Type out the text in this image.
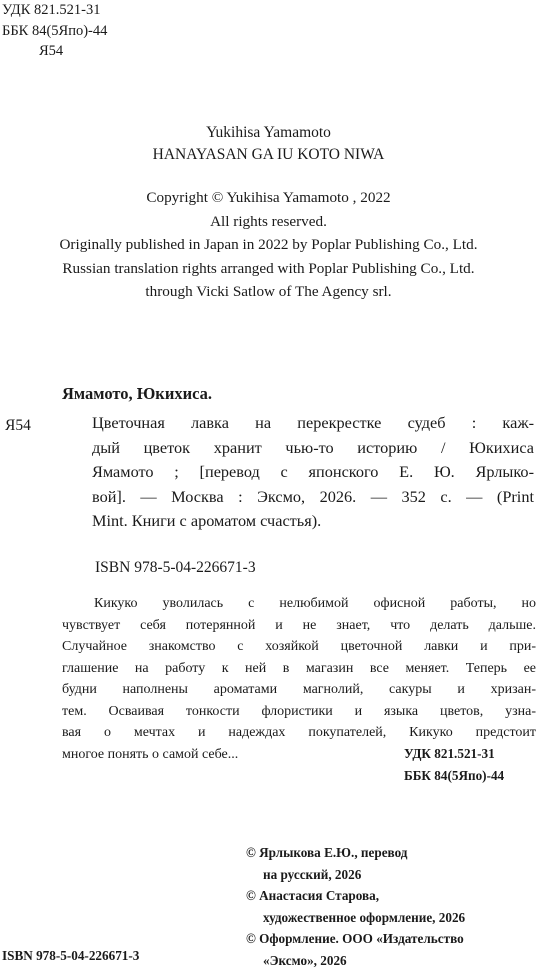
УДК 821.521-31
ББК 84(5Япо)-44
Я54
Yukihisa Yamamoto
HANAYASAN GA IU KOTO NIWA
Copyright © Yukihisa Yamamoto , 2022
All rights reserved.
Originally published in Japan in 2022 by Poplar Publishing Co., Ltd.
Russian translation rights arranged with Poplar Publishing Co., Ltd.
through Vicki Satlow of The Agency srl.
Ямамото, Юкихиса.
Я54	Цветочная лавка на перекрестке судеб : каж-
дый цветок хранит чью-то историю / Юкихиса
Ямамото ; [перевод с японского Е. Ю. Ярлыко-
вой]. — Москва : Эксмо, 2026. — 352 с. — (Print
Mint. Книги с ароматом счастья).
ISBN 978-5-04-226671-3
Кикуко уволилась с нелюбимой офисной работы, но
чувствует себя потерянной и не знает, что делать дальше.
Случайное знакомство с хозяйкой цветочной лавки и при-
глашение на работу к ней в магазин все меняет. Теперь ее
будни наполнены ароматами магнолий, сакуры и хризан-
тем. Осваивая тонкости флористики и языка цветов, узна-
вая о мечтах и надеждах покупателей, Кикуко предстоит
многое понять о самой себе...	УДК 821.521-31
ББК 84(5Япо)-44
© Ярлыкова Е.Ю., перевод
на русский, 2026
© Анастасия Старова,
художественное оформление, 2026
© Оформление. ООО «Издательство
«Эксмо», 2026
ISBN 978-5-04-226671-3
